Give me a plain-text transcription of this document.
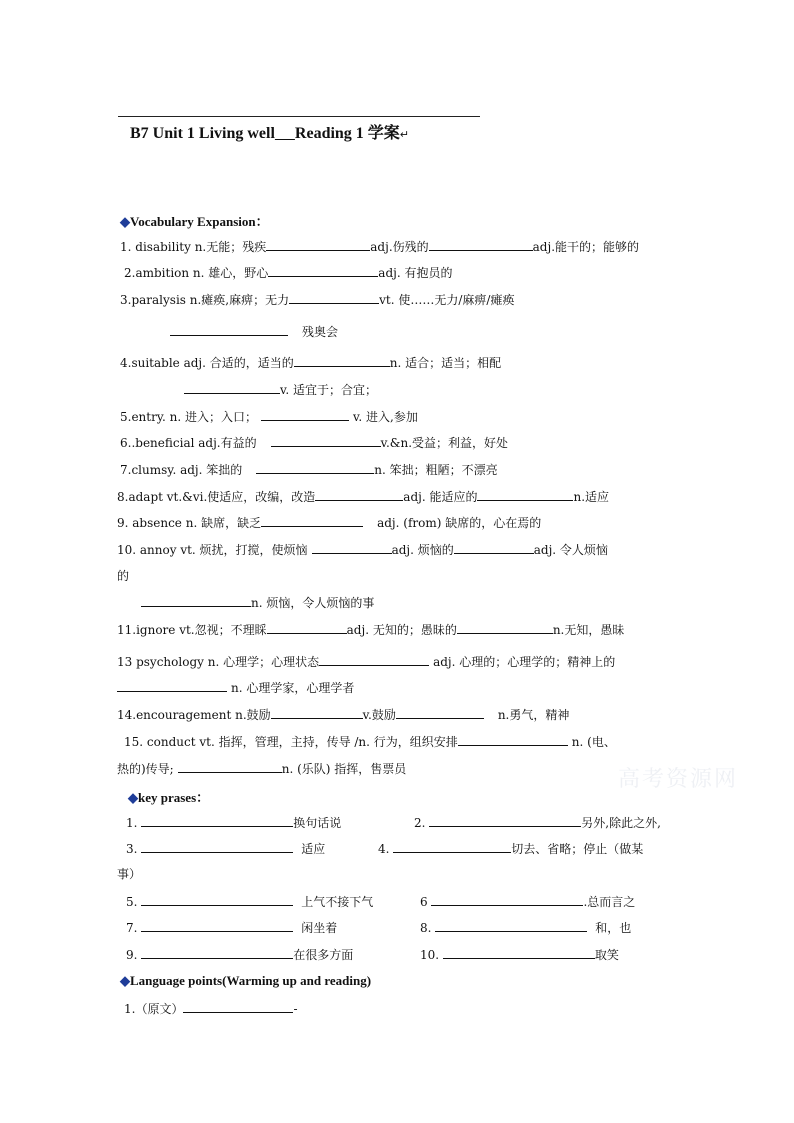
B7 Unit 1 Living well Reading 1 学案↵
◆Vocabulary Expansion：
1. disability n.无能；残疾	adj.伤残的	adj.能干的；能够的
2.ambition n. 雄心，野心	adj. 有抱员的
3.paralysis n.瘫痪,麻痹；无力	vt. 使……无力/麻痹/瘫痪
残奥会
4.suitable adj. 合适的，适当的	n. 适合；适当；相配
v. 适宜于；合宜；
5.entry. n. 进入；入口；	v. 进入,参加
6..beneficial adj.有益的	v.&n.受益；利益，好处
7.clumsy. adj. 笨拙的	n. 笨拙；粗陋；不漂亮
8.adapt vt.&vi.使适应，改编，改造	adj. 能适应的	n.适应
9. absence n. 缺席，缺乏	adj. (from) 缺席的，心在焉的
10. annoy vt. 烦扰，打搅，使烦恼	adj. 烦恼的	adj. 令人烦恼
的
n. 烦恼，令人烦恼的事
11.ignore vt.忽视；不理睬	adj. 无知的；愚昧的	n.无知，愚昧
13 psychology n. 心理学；心理状态	adj. 心理的；心理学的；精神上的
n. 心理学家，心理学者
14.encouragement n.鼓励	v.鼓励	n.勇气，精神
15. conduct vt. 指挥，管理，主持，传导 /n. 行为，组织安排	n. (电、
热的)传导;	n. (乐队) 指挥，售票员	高考资源网
◆key prases：
1.	换句话说	2.	另外,除此之外,
3.	适应	4.	切去、省略；停止（做某
事）
5.	上气不接下气	6	.总而言之
7.	闲坐着	8.	和，也
9.	在很多方面	10.	取笑
◆Language points(Warming up and reading)
1.（原文）	-
